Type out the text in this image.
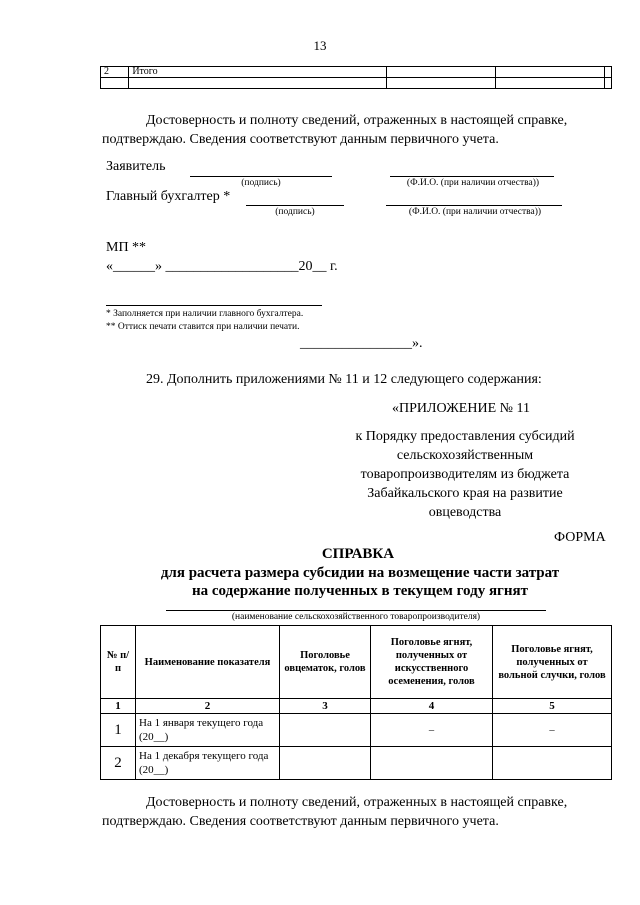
13
2	Итого			

Достоверность и полноту сведений, отраженных в настоящей справке,
подтверждаю. Сведения соответствуют данным первичного учета.
Заявитель
(подпись)	(Ф.И.О. (при наличии отчества))
Главный бухгалтер *
(подпись)	(Ф.И.О. (при наличии отчества))
МП **
«______» ___________________20__ г.
* Заполняется при наличии главного бухгалтера.
** Оттиск печати ставится при наличии печати.
________________».
29. Дополнить приложениями № 11 и 12 следующего содержания:
«ПРИЛОЖЕНИЕ № 11
к Порядку предоставления субсидий
сельскохозяйственным
товаропроизводителям из бюджета
Забайкальского края на развитие
овцеводства
ФОРМА
СПРАВКА
для расчета размера субсидии на возмещение части затрат
на содержание полученных в текущем году ягнят
(наименование сельскохозяйственного товаропроизводителя)
№ п/п	Наименование показателя	Поголовье овцематок, голов	Поголовье ягнят, полученных от искусственного осеменения, голов	Поголовье ягнят, полученных от вольной случки, голов
1	2	3	4	5
1	На 1 января текущего года (20__)		–	–
2	На 1 декабря текущего года (20__)			
Достоверность и полноту сведений, отраженных в настоящей справке,
подтверждаю. Сведения соответствуют данным первичного учета.
